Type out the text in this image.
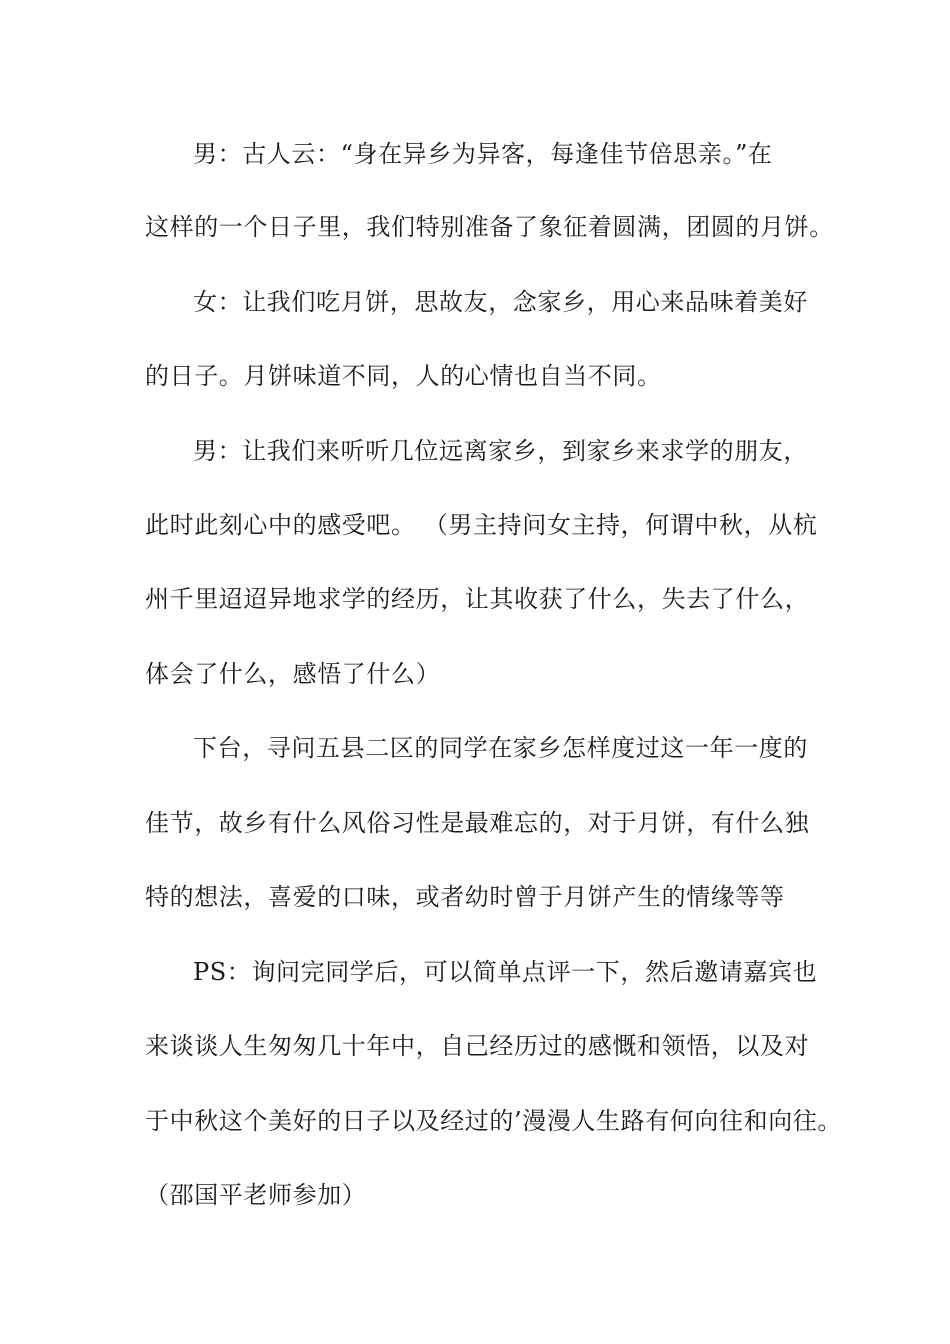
男：古人云：“身在异乡为异客，每逢佳节倍思亲。”在
这样的一个日子里，我们特别准备了象征着圆满，团圆的月饼。
女：让我们吃月饼，思故友，念家乡，用心来品味着美好
的日子。月饼味道不同，人的心情也自当不同。
男：让我们来听听几位远离家乡，到家乡来求学的朋友，
此时此刻心中的感受吧。 （男主持问女主持，何谓中秋，从杭
州千里迢迢异地求学的经历，让其收获了什么，失去了什么，
体会了什么，感悟了什么）
下台，寻问五县二区的同学在家乡怎样度过这一年一度的
佳节，故乡有什么风俗习性是最难忘的，对于月饼，有什么独
特的想法，喜爱的口味，或者幼时曾于月饼产生的情缘等等
PS：询问完同学后，可以简单点评一下，然后邀请嘉宾也
来谈谈人生匆匆几十年中，自己经历过的感慨和领悟，以及对
于中秋这个美好的日子以及经过的’漫漫人生路有何向往和向往。
（邵国平老师参加）
